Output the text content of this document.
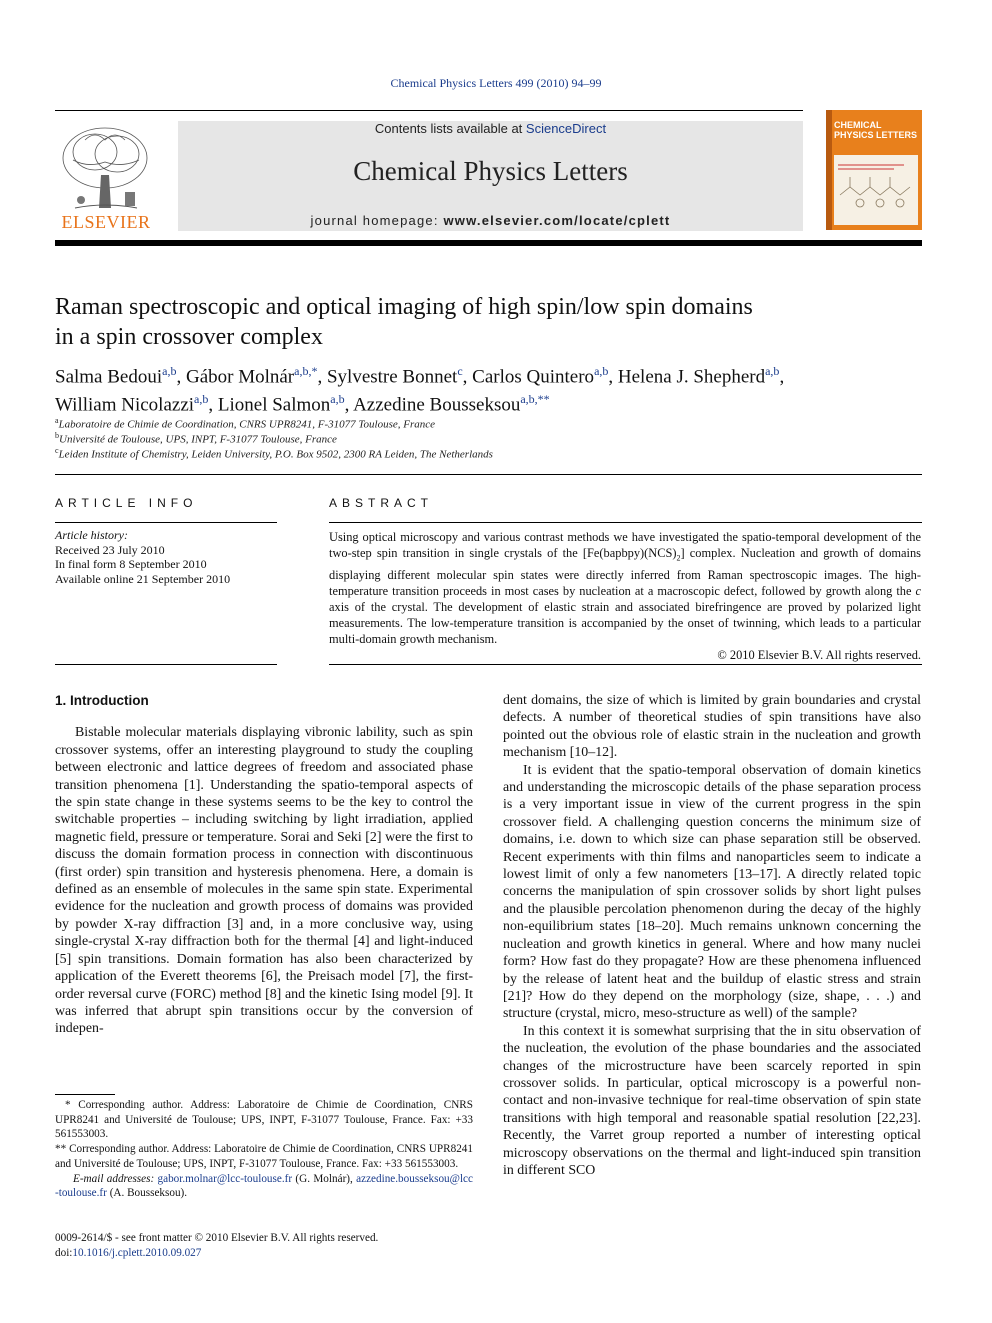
Chemical Physics Letters 499 (2010) 94–99
ELSEVIER
Contents lists available at ScienceDirect
Chemical Physics Letters
journal homepage: www.elsevier.com/locate/cplett
CHEMICAL PHYSICS LETTERS
Raman spectroscopic and optical imaging of high spin/low spin domains
in a spin crossover complex
Salma Bedoui$^{a,b}$, Gábor Molnár$^{a,b,*}$, Sylvestre Bonnet$^c$, Carlos Quintero$^{a,b}$, Helena J. Shepherd$^{a,b}$,
William Nicolazzi$^{a,b}$, Lionel Salmon$^{a,b}$, Azzedine Bousseksou$^{a,b,**}$
$^a$Laboratoire de Chimie de Coordination, CNRS UPR8241, F-31077 Toulouse, France
$^b$Université de Toulouse, UPS, INPT, F-31077 Toulouse, France
$^c$Leiden Institute of Chemistry, Leiden University, P.O. Box 9502, 2300 RA Leiden, The Netherlands
ARTICLE INFO
Article history:
Received 23 July 2010
In final form 8 September 2010
Available online 21 September 2010
ABSTRACT
Using optical microscopy and various contrast methods we have investigated the spatio-temporal development of the two-step spin transition in single crystals of the $[Fe(bapbpy)(NCS)_2]$ complex. Nucleation and growth of domains displaying different molecular spin states were directly inferred from Raman spectroscopic images. The high-temperature transition proceeds in most cases by nucleation at a macroscopic defect, followed by growth along the c axis of the crystal. The development of elastic strain and associated birefringence are proved by polarized light measurements. The low-temperature transition is accompanied by the onset of twinning, which leads to a particular multi-domain growth mechanism.
© 2010 Elsevier B.V. All rights reserved.
1. Introduction

Bistable molecular materials displaying vibronic lability, such as spin crossover systems, offer an interesting playground to study the coupling between electronic and lattice degrees of freedom and associated phase transition phenomena [1]. Understanding the spatio-temporal aspects of the spin state change in these systems seems to be the key to control the switchable properties – including switching by light irradiation, applied magnetic field, pressure or temperature. Sorai and Seki [2] were the first to discuss the domain formation process in connection with discontinuous (first order) spin transition and hysteresis phenomena. Here, a domain is defined as an ensemble of molecules in the same spin state. Experimental evidence for the nucleation and growth process of domains was provided by powder X-ray diffraction [3] and, in a more conclusive way, using single-crystal X-ray diffraction both for the thermal [4] and light-induced [5] spin transitions. Domain formation has also been characterized by application of the Everett theorems [6], the Preisach model [7], the first-order reversal curve (FORC) method [8] and the kinetic Ising model [9]. It was inferred that abrupt spin transitions occur by the conversion of indepen-

* Corresponding author. Address: Laboratoire de Chimie de Coordination, CNRS UPR8241 and Université de Toulouse; UPS, INPT, F-31077 Toulouse, France. Fax: +33 561553003.

** Corresponding author. Address: Laboratoire de Chimie de Coordination, CNRS UPR8241 and Université de Toulouse; UPS, INPT, F-31077 Toulouse, France. Fax: +33 561553003.

E-mail addresses: gabor.molnar@lcc-toulouse.fr (G. Molnár), azzedine.bousseksou@lcc-toulouse.fr (A. Bousseksou).

0009-2614/$ - see front matter © 2010 Elsevier B.V. All rights reserved.
doi:10.1016/j.cplett.2010.09.027

dent domains, the size of which is limited by grain boundaries and crystal defects. A number of theoretical studies of spin transitions have also pointed out the obvious role of elastic strain in the nucleation and growth mechanism [10–12].

It is evident that the spatio-temporal observation of domain kinetics and understanding the microscopic details of the phase separation process is a very important issue in view of the current progress in the spin crossover field. A challenging question concerns the minimum size of domains, i.e. down to which size can phase separation still be observed. Recent experiments with thin films and nanoparticles seem to indicate a lowest limit of only a few nanometers [13–17]. A directly related topic concerns the manipulation of spin crossover solids by short light pulses and the plausible percolation phenomenon during the decay of the highly non-equilibrium states [18–20]. Much remains unknown concerning the nucleation and growth kinetics in general. Where and how many nuclei form? How fast do they propagate? How are these phenomena influenced by the release of latent heat and the buildup of elastic stress and strain [21]? How do they depend on the morphology (size, shape, . . .) and structure (crystal, micro, meso-structure as well) of the sample?

In this context it is somewhat surprising that the in situ observation of the nucleation, the evolution of the phase boundaries and the associated changes of the microstructure have been scarcely reported in spin crossover solids. In particular, optical microscopy is a powerful non-contact and non-invasive technique for real-time observation of spin state transitions with high temporal and reasonable spatial resolution [22,23]. Recently, the Varret group reported a number of interesting optical microscopy observations on the thermal and light-induced spin transition in different SCO
